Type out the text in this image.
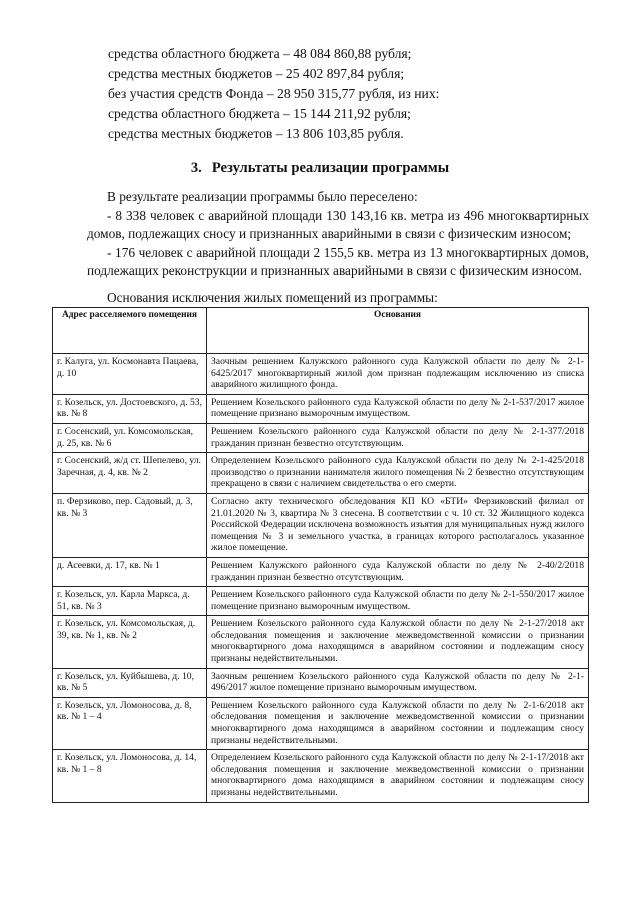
средства областного бюджета – 48 084 860,88 рубля;
средства местных бюджетов – 25 402 897,84 рубля;
без участия средств Фонда – 28 950 315,77 рубля, из них:
средства областного бюджета – 15 144 211,92 рубля;
средства местных бюджетов – 13 806 103,85 рубля.
3. Результаты реализации программы

В результате реализации программы было переселено:

- 8 338 человек с аварийной площади 130 143,16 кв. метра из 496 многоквартирных домов, подлежащих сносу и признанных аварийными в связи с физическим износом;

- 176 человек с аварийной площади 2 155,5 кв. метра из 13 многоквартирных домов, подлежащих реконструкции и признанных аварийными в связи с физическим износом.

Основания исключения жилых помещений из программы:
Адрес расселяемого помещения	Основания
г. Калуга, ул. Космонавта Пацаева, д. 10	Заочным решением Калужского районного суда Калужской области по делу № 2-1-6425/2017 многоквартирный жилой дом признан подлежащим исключению из списка аварийного жилищного фонда.
г. Козельск, ул. Достоевского, д. 53, кв. № 8	Решением Козельского районного суда Калужской области по делу № 2-1-537/2017 жилое помещение признано выморочным имуществом.
г. Сосенский, ул. Комсомольская, д. 25, кв. № 6	Решением Козельского районного суда Калужской области по делу № 2-1-377/2018 гражданин признан безвестно отсутствующим.
г. Сосенский, ж/д ст. Шепелево, ул. Заречная, д. 4, кв. № 2	Определением Козельского районного суда Калужской области по делу № 2-1-425/2018 производство о признании нанимателя жилого помещения № 2 безвестно отсутствующим прекращено в связи с наличием свидетельства о его смерти.
п. Ферзиково, пер. Садовый, д. 3, кв. № 3	Согласно акту технического обследования КП КО «БТИ» Ферзиковский филиал от 21.01.2020 № 3, квартира № 3 снесена. В соответствии с ч. 10 ст. 32 Жилищного кодекса Российской Федерации исключена возможность изъятия для муниципальных нужд жилого помещения № 3 и земельного участка, в границах которого располагалось указанное жилое помещение.
д. Асеевки, д. 17, кв. № 1	Решением Калужского районного суда Калужской области по делу № 2-40/2/2018 гражданин признан безвестно отсутствующим.
г. Козельск, ул. Карла Маркса, д. 51, кв. № 3	Решением Козельского районного суда Калужской области по делу № 2-1-550/2017 жилое помещение признано выморочным имуществом.
г. Козельск, ул. Комсомольская, д. 39, кв. № 1, кв. № 2	Решением Козельского районного суда Калужской области по делу № 2-1-27/2018 акт обследования помещения и заключение межведомственной комиссии о признании многоквартирного дома находящимся в аварийном состоянии и подлежащим сносу признаны недействительными.
г. Козельск, ул. Куйбышева, д. 10, кв. № 5	Заочным решением Козельского районного суда Калужской области по делу № 2-1-496/2017 жилое помещение признано выморочным имуществом.
г. Козельск, ул. Ломоносова, д. 8, кв. № 1 – 4	Решением Козельского районного суда Калужской области по делу № 2-1-6/2018 акт обследования помещения и заключение межведомственной комиссии о признании многоквартирного дома находящимся в аварийном состоянии и подлежащим сносу признаны недействительными.
г. Козельск, ул. Ломоносова, д. 14, кв. № 1 – 8	Определением Козельского районного суда Калужской области по делу № 2-1-17/2018 акт обследования помещения и заключение межведомственной комиссии о признании многоквартирного дома находящимся в аварийном состоянии и подлежащим сносу признаны недействительными.
